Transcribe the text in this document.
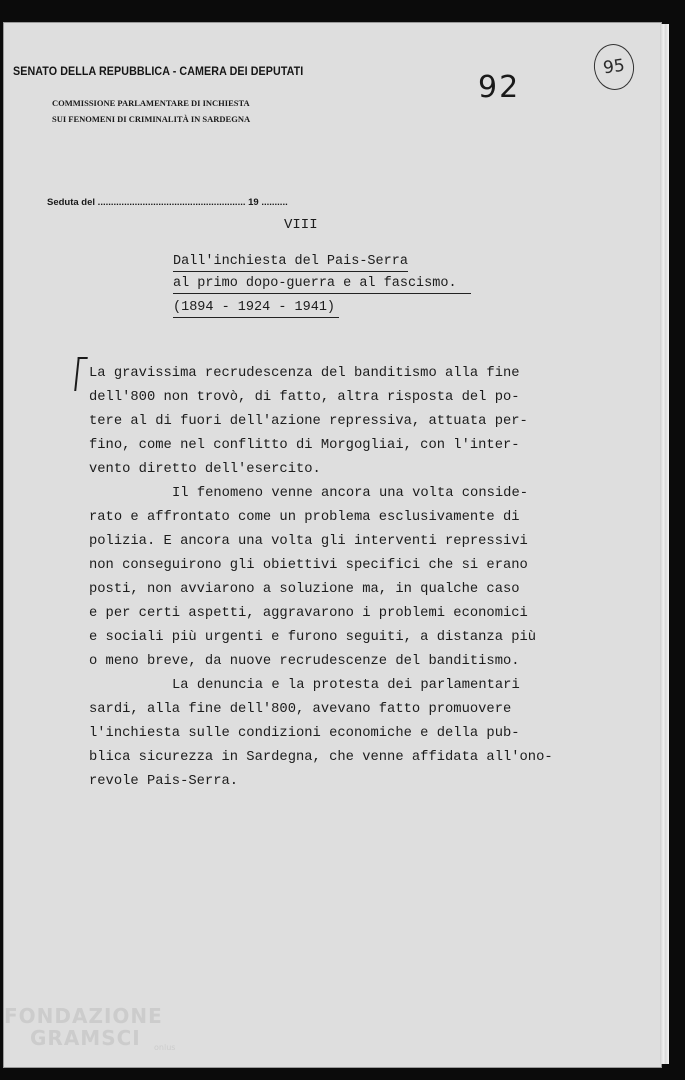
SENATO DELLA REPUBBLICA - CAMERA DEI DEPUTATI
COMMISSIONE PARLAMENTARE DI INCHIESTA
SUI FENOMENI DI CRIMINALITÀ IN SARDEGNA
92
95
Seduta del ........................................................ 19 ..........
VIII
Dall'inchiesta del Pais-Serra
al primo dopo-guerra e al fascismo.
(1894 - 1924 - 1941)
La gravissima recrudescenza del banditismo alla fine
dell'800 non trovò, di fatto, altra risposta del po-
tere al di fuori dell'azione repressiva, attuata per-
fino, come nel conflitto di Morgogliai, con l'inter-
vento diretto dell'esercito.
Il fenomeno venne ancora una volta conside-
rato e affrontato come un problema esclusivamente di
polizia. E ancora una volta gli interventi repressivi
non conseguirono gli obiettivi specifici che si erano
posti, non avviarono a soluzione ma, in qualche caso
e per certi aspetti, aggravarono i problemi economici
e sociali più urgenti e furono seguiti, a distanza più
o meno breve, da nuove recrudescenze del banditismo.
La denuncia e la protesta dei parlamentari
sardi, alla fine dell'800, avevano fatto promuovere
l'inchiesta sulle condizioni economiche e della pub-
blica sicurezza in Sardegna, che venne affidata all'ono-
revole Pais-Serra.
FONDAZIONE
GRAMSCI	onlus
